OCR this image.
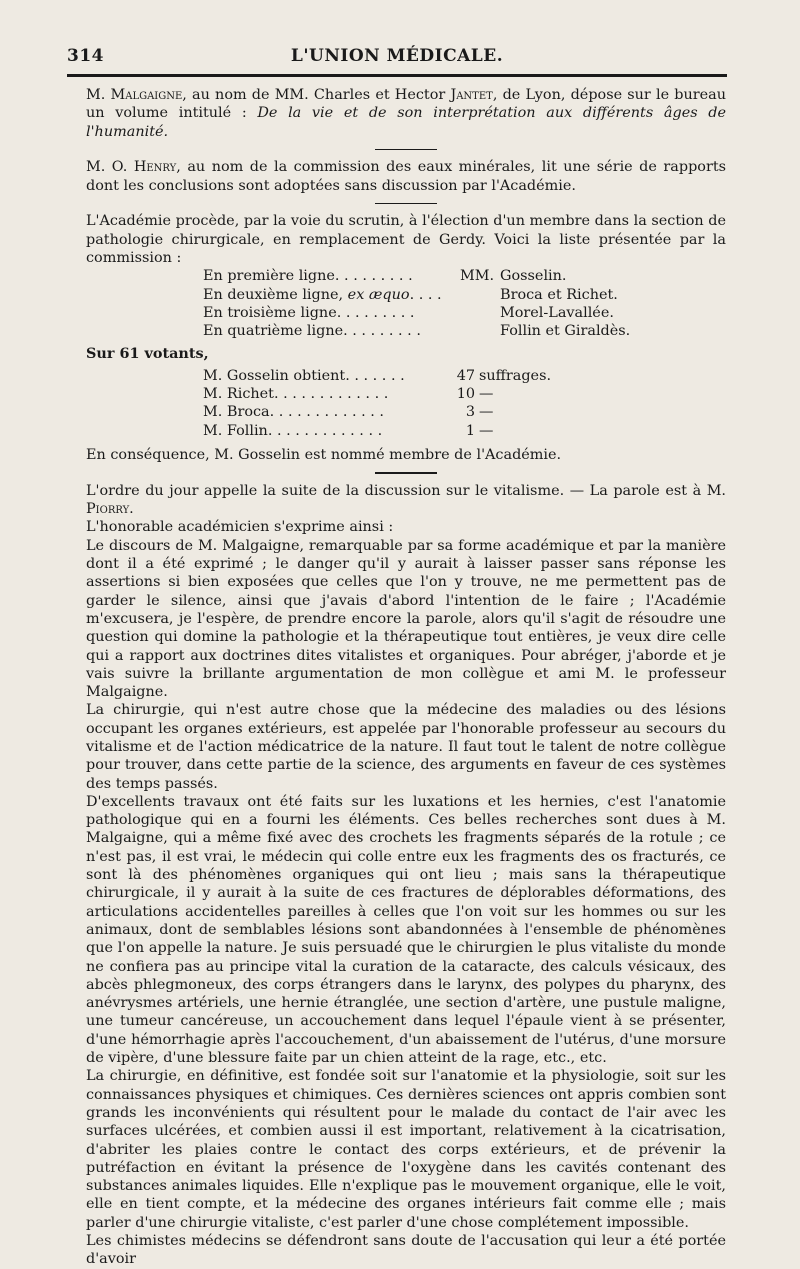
314	L'UNION MÉDICALE.

M. Malgaigne, au nom de MM. Charles et Hector Jantet, de Lyon, dépose sur le bureau un volume intitulé : De la vie et de son interprétation aux différents âges de l'humanité.

M. O. Henry, au nom de la commission des eaux minérales, lit une série de rapports dont les conclusions sont adoptées sans discussion par l'Académie.

L'Académie procède, par la voie du scrutin, à l'élection d'un membre dans la section de pathologie chirurgicale, en remplacement de Gerdy. Voici la liste présentée par la commission :

En première ligne. . . . . . . . .	MM. Gosselin.
En deuxième ligne, ex æquo. . . .	Broca et Richet.
En troisième ligne. . . . . . . . .	Morel-Lavallée.
En quatrième ligne. . . . . . . . .	Follin et Giraldès.

Sur 61 votants,

M. Gosselin obtient. . . . . . .	47 suffrages.
M. Richet. . . . . . . . . . . . .	10 —
M. Broca. . . . . . . . . . . . .	3 —
M. Follin. . . . . . . . . . . . .	1 —

En conséquence, M. Gosselin est nommé membre de l'Académie.

L'ordre du jour appelle la suite de la discussion sur le vitalisme. — La parole est à M. Piorry.

L'honorable académicien s'exprime ainsi :

Le discours de M. Malgaigne, remarquable par sa forme académique et par la manière dont il a été exprimé ; le danger qu'il y aurait à laisser passer sans réponse les assertions si bien exposées que celles que l'on y trouve, ne me permettent pas de garder le silence, ainsi que j'avais d'abord l'intention de le faire ; l'Académie m'excusera, je l'espère, de prendre encore la parole, alors qu'il s'agit de résoudre une question qui domine la pathologie et la thérapeutique tout entières, je veux dire celle qui a rapport aux doctrines dites vitalistes et organiques. Pour abréger, j'aborde et je vais suivre la brillante argumentation de mon collègue et ami M. le professeur Malgaigne.

La chirurgie, qui n'est autre chose que la médecine des maladies ou des lésions occupant les organes extérieurs, est appelée par l'honorable professeur au secours du vitalisme et de l'action médicatrice de la nature. Il faut tout le talent de notre collègue pour trouver, dans cette partie de la science, des arguments en faveur de ces systèmes des temps passés.

D'excellents travaux ont été faits sur les luxations et les hernies, c'est l'anatomie pathologique qui en a fourni les éléments. Ces belles recherches sont dues à M. Malgaigne, qui a même fixé avec des crochets les fragments séparés de la rotule ; ce n'est pas, il est vrai, le médecin qui colle entre eux les fragments des os fracturés, ce sont là des phénomènes organiques qui ont lieu ; mais sans la thérapeutique chirurgicale, il y aurait à la suite de ces fractures de déplorables déformations, des articulations accidentelles pareilles à celles que l'on voit sur les hommes ou sur les animaux, dont de semblables lésions sont abandonnées à l'ensemble de phénomènes que l'on appelle la nature. Je suis persuadé que le chirurgien le plus vitaliste du monde ne confiera pas au principe vital la curation de la cataracte, des calculs vésicaux, des abcès phlegmoneux, des corps étrangers dans le larynx, des polypes du pharynx, des anévrysmes artériels, une hernie étranglée, une section d'artère, une pustule maligne, une tumeur cancéreuse, un accouchement dans lequel l'épaule vient à se présenter, d'une hémorrhagie après l'accouchement, d'un abaissement de l'utérus, d'une morsure de vipère, d'une blessure faite par un chien atteint de la rage, etc., etc.

La chirurgie, en définitive, est fondée soit sur l'anatomie et la physiologie, soit sur les connaissances physiques et chimiques. Ces dernières sciences ont appris combien sont grands les inconvénients qui résultent pour le malade du contact de l'air avec les surfaces ulcérées, et combien aussi il est important, relativement à la cicatrisation, d'abriter les plaies contre le contact des corps extérieurs, et de prévenir la putréfaction en évitant la présence de l'oxygène dans les cavités contenant des substances animales liquides. Elle n'explique pas le mouvement organique, elle le voit, elle en tient compte, et la médecine des organes intérieurs fait comme elle ; mais parler d'une chirurgie vitaliste, c'est parler d'une chose complétement impossible.

Les chimistes médecins se défendront sans doute de l'accusation qui leur a été portée d'avoir
